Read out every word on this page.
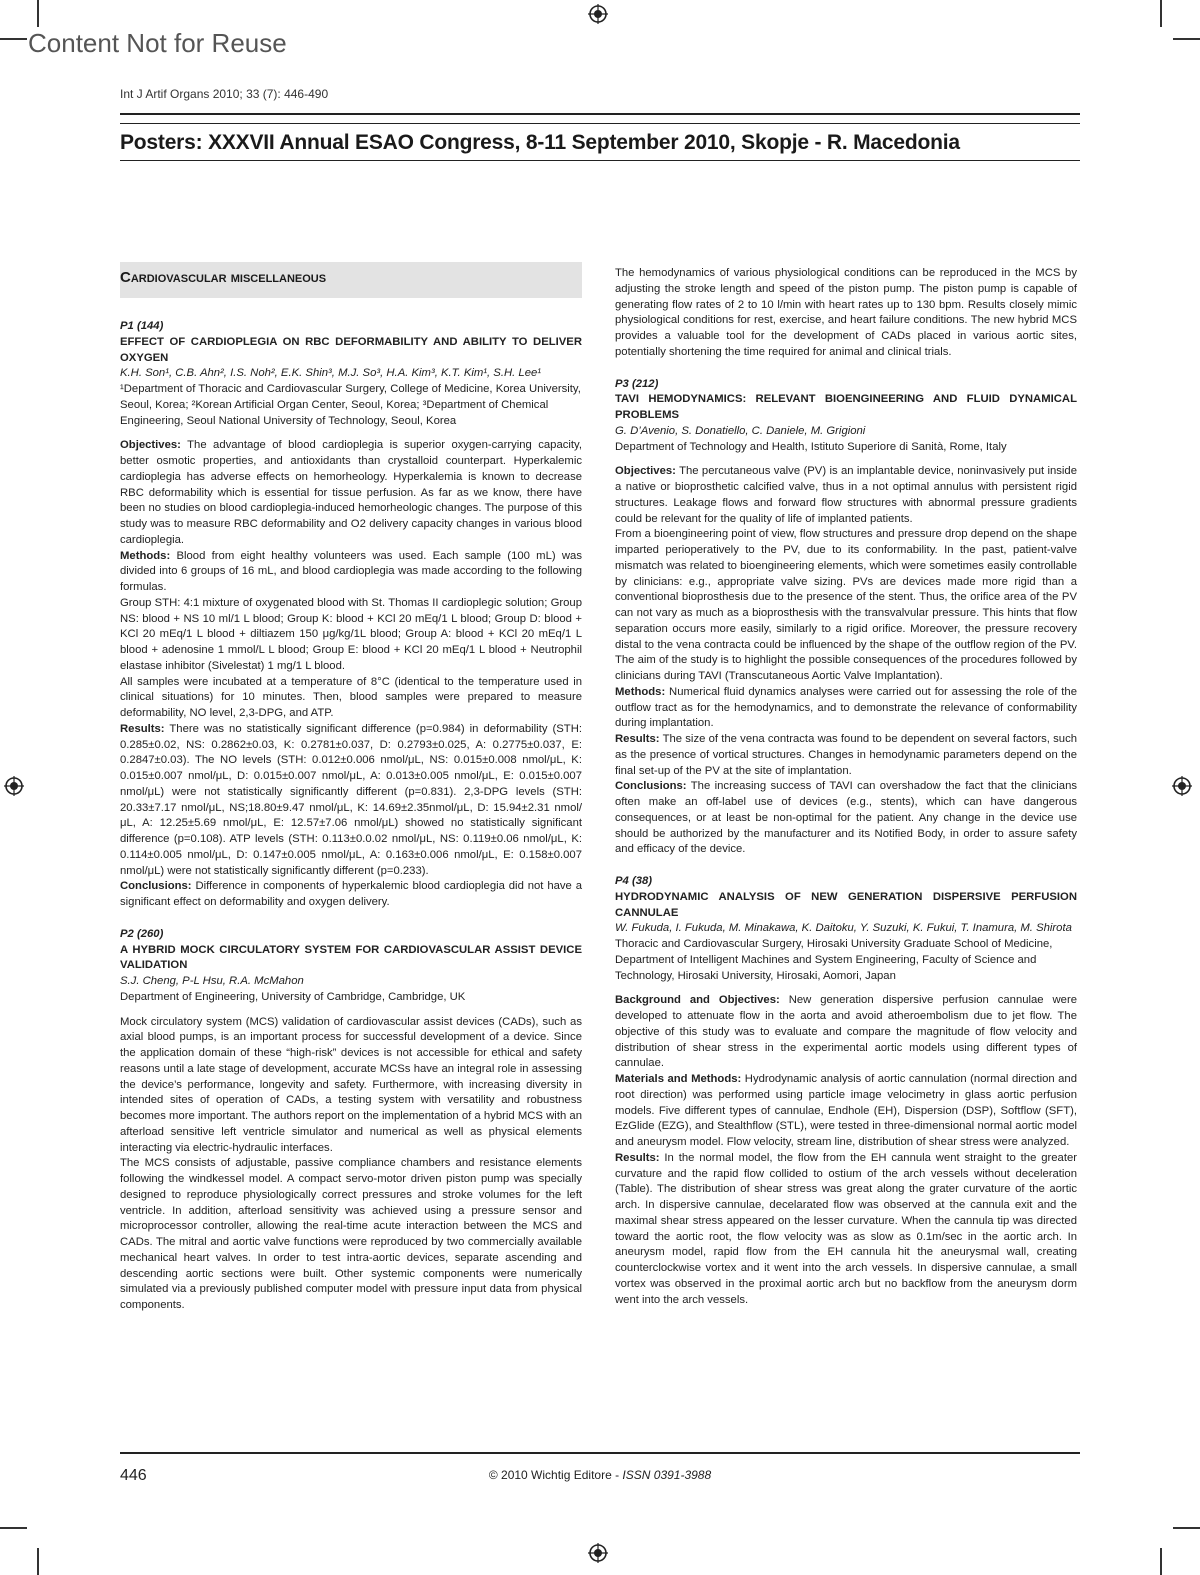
Content Not for Reuse
Int J Artif Organs 2010; 33 (7): 446-490
Posters: XXXVII Annual ESAO Congress, 8-11 September 2010, Skopje - R. Macedonia
Cardiovascular miscellaneous
P1 (144)
EFFECT OF CARDIOPLEGIA ON RBC DEFORMABILITY AND ABILITY TO DELIVER OXYGEN
K.H. Son¹, C.B. Ahn², I.S. Noh², E.K. Shin³, M.J. So³, H.A. Kim³, K.T. Kim¹, S.H. Lee¹
¹Department of Thoracic and Cardiovascular Surgery, College of Medicine, Korea University, Seoul, Korea; ²Korean Artificial Organ Center, Seoul, Korea; ³Department of Chemical Engineering, Seoul National University of Technology, Seoul, Korea
Objectives: The advantage of blood cardioplegia is superior oxygen-carrying capacity, better osmotic properties, and antioxidants than crystalloid counterpart. Hyperkalemic cardioplegia has adverse effects on hemorheology. Hyperkalemia is known to decrease RBC deformability which is essential for tissue perfusion. As far as we know, there have been no studies on blood cardioplegia-induced hemorheologic changes. The purpose of this study was to measure RBC deformability and O2 delivery capacity changes in various blood cardioplegia.
Methods: Blood from eight healthy volunteers was used. Each sample (100 mL) was divided into 6 groups of 16 mL, and blood cardioplegia was made according to the following formulas.
Group STH: 4:1 mixture of oxygenated blood with St. Thomas II cardioplegic solution; Group NS: blood + NS 10 ml/1 L blood; Group K: blood + KCl 20 mEq/1 L blood; Group D: blood + KCl 20 mEq/1 L blood + diltiazem 150 μg/kg/1L blood; Group A: blood + KCl 20 mEq/1 L blood + adenosine 1 mmol/L L blood; Group E: blood + KCl 20 mEq/1 L blood + Neutrophil elastase inhibitor (Sivelestat) 1 mg/1 L blood.
All samples were incubated at a temperature of 8°C (identical to the temperature used in clinical situations) for 10 minutes. Then, blood samples were prepared to measure deformability, NO level, 2,3-DPG, and ATP.
Results: There was no statistically significant difference (p=0.984) in deformability (STH: 0.285±0.02, NS: 0.2862±0.03, K: 0.2781±0.037, D: 0.2793±0.025, A: 0.2775±0.037, E: 0.2847±0.03). The NO levels (STH: 0.012±0.006 nmol/μL, NS: 0.015±0.008 nmol/μL, K: 0.015±0.007 nmol/μL, D: 0.015±0.007 nmol/μL, A: 0.013±0.005 nmol/μL, E: 0.015±0.007 nmol/μL) were not statistically significantly different (p=0.831). 2,3-DPG levels (STH: 20.33±7.17 nmol/μL, NS;18.80±9.47 nmol/μL, K: 14.69±2.35nmol/μL, D: 15.94±2.31 nmol/μL, A: 12.25±5.69 nmol/μL, E: 12.57±7.06 nmol/μL) showed no statistically significant difference (p=0.108). ATP levels (STH: 0.113±0.0.02 nmol/μL, NS: 0.119±0.06 nmol/μL, K: 0.114±0.005 nmol/μL, D: 0.147±0.005 nmol/μL, A: 0.163±0.006 nmol/μL, E: 0.158±0.007 nmol/μL) were not statistically significantly different (p=0.233).
Conclusions: Difference in components of hyperkalemic blood cardioplegia did not have a significant effect on deformability and oxygen delivery.
P2 (260)
A HYBRID MOCK CIRCULATORY SYSTEM FOR CARDIOVASCULAR ASSIST DEVICE VALIDATION
S.J. Cheng, P-L Hsu, R.A. McMahon
Department of Engineering, University of Cambridge, Cambridge, UK
Mock circulatory system (MCS) validation of cardiovascular assist devices (CADs), such as axial blood pumps, is an important process for successful development of a device. Since the application domain of these “high-risk” devices is not accessible for ethical and safety reasons until a late stage of development, accurate MCSs have an integral role in assessing the device’s performance, longevity and safety. Furthermore, with increasing diversity in intended sites of operation of CADs, a testing system with versatility and robustness becomes more important. The authors report on the implementation of a hybrid MCS with an afterload sensitive left ventricle simulator and numerical as well as physical elements interacting via electric-hydraulic interfaces.
The MCS consists of adjustable, passive compliance chambers and resistance elements following the windkessel model. A compact servo-motor driven piston pump was specially designed to reproduce physiologically correct pressures and stroke volumes for the left ventricle. In addition, afterload sensitivity was achieved using a pressure sensor and microprocessor controller, allowing the real-time acute interaction between the MCS and CADs. The mitral and aortic valve functions were reproduced by two commercially available mechanical heart valves. In order to test intra-aortic devices, separate ascending and descending aortic sections were built. Other systemic components were numerically simulated via a previously published computer model with pressure input data from physical components.
The hemodynamics of various physiological conditions can be reproduced in the MCS by adjusting the stroke length and speed of the piston pump. The piston pump is capable of generating flow rates of 2 to 10 l/min with heart rates up to 130 bpm. Results closely mimic physiological conditions for rest, exercise, and heart failure conditions. The new hybrid MCS provides a valuable tool for the development of CADs placed in various aortic sites, potentially shortening the time required for animal and clinical trials.
P3 (212)
TAVI HEMODYNAMICS: RELEVANT BIOENGINEERING AND FLUID DYNAMICAL PROBLEMS
G. D’Avenio, S. Donatiello, C. Daniele, M. Grigioni
Department of Technology and Health, Istituto Superiore di Sanità, Rome, Italy
Objectives: The percutaneous valve (PV) is an implantable device, noninvasively put inside a native or bioprosthetic calcified valve, thus in a not optimal annulus with persistent rigid structures. Leakage flows and forward flow structures with abnormal pressure gradients could be relevant for the quality of life of implanted patients.
From a bioengineering point of view, flow structures and pressure drop depend on the shape imparted perioperatively to the PV, due to its conformability. In the past, patient-valve mismatch was related to bioengineering elements, which were sometimes easily controllable by clinicians: e.g., appropriate valve sizing. PVs are devices made more rigid than a conventional bioprosthesis due to the presence of the stent. Thus, the orifice area of the PV can not vary as much as a bioprosthesis with the transvalvular pressure. This hints that flow separation occurs more easily, similarly to a rigid orifice. Moreover, the pressure recovery distal to the vena contracta could be influenced by the shape of the outflow region of the PV. The aim of the study is to highlight the possible consequences of the procedures followed by clinicians during TAVI (Transcutaneous Aortic Valve Implantation).
Methods: Numerical fluid dynamics analyses were carried out for assessing the role of the outflow tract as for the hemodynamics, and to demonstrate the relevance of conformability during implantation.
Results: The size of the vena contracta was found to be dependent on several factors, such as the presence of vortical structures. Changes in hemodynamic parameters depend on the final set-up of the PV at the site of implantation.
Conclusions: The increasing success of TAVI can overshadow the fact that the clinicians often make an off-label use of devices (e.g., stents), which can have dangerous consequences, or at least be non-optimal for the patient. Any change in the device use should be authorized by the manufacturer and its Notified Body, in order to assure safety and efficacy of the device.
P4 (38)
HYDRODYNAMIC ANALYSIS OF NEW GENERATION DISPERSIVE PERFUSION CANNULAE
W. Fukuda, I. Fukuda, M. Minakawa, K. Daitoku, Y. Suzuki, K. Fukui, T. Inamura, M. Shirota
Thoracic and Cardiovascular Surgery, Hirosaki University Graduate School of Medicine, Department of Intelligent Machines and System Engineering, Faculty of Science and Technology, Hirosaki University, Hirosaki, Aomori, Japan
Background and Objectives: New generation dispersive perfusion cannulae were developed to attenuate flow in the aorta and avoid atheroembolism due to jet flow. The objective of this study was to evaluate and compare the magnitude of flow velocity and distribution of shear stress in the experimental aortic models using different types of cannulae.
Materials and Methods: Hydrodynamic analysis of aortic cannulation (normal direction and root direction) was performed using particle image velocimetry in glass aortic perfusion models. Five different types of cannulae, Endhole (EH), Dispersion (DSP), Softflow (SFT), EzGlide (EZG), and Stealthflow (STL), were tested in three-dimensional normal aortic model and aneurysm model. Flow velocity, stream line, distribution of shear stress were analyzed.
Results: In the normal model, the flow from the EH cannula went straight to the greater curvature and the rapid flow collided to ostium of the arch vessels without deceleration (Table). The distribution of shear stress was great along the grater curvature of the aortic arch. In dispersive cannulae, decelarated flow was observed at the cannula exit and the maximal shear stress appeared on the lesser curvature. When the cannula tip was directed toward the aortic root, the flow velocity was as slow as 0.1m/sec in the aortic arch. In aneurysm model, rapid flow from the EH cannula hit the aneurysmal wall, creating counterclockwise vortex and it went into the arch vessels. In dispersive cannulae, a small vortex was observed in the proximal aortic arch but no backflow from the aneurysm dorm went into the arch vessels.
446	© 2010 Wichtig Editore - ISSN 0391-3988
